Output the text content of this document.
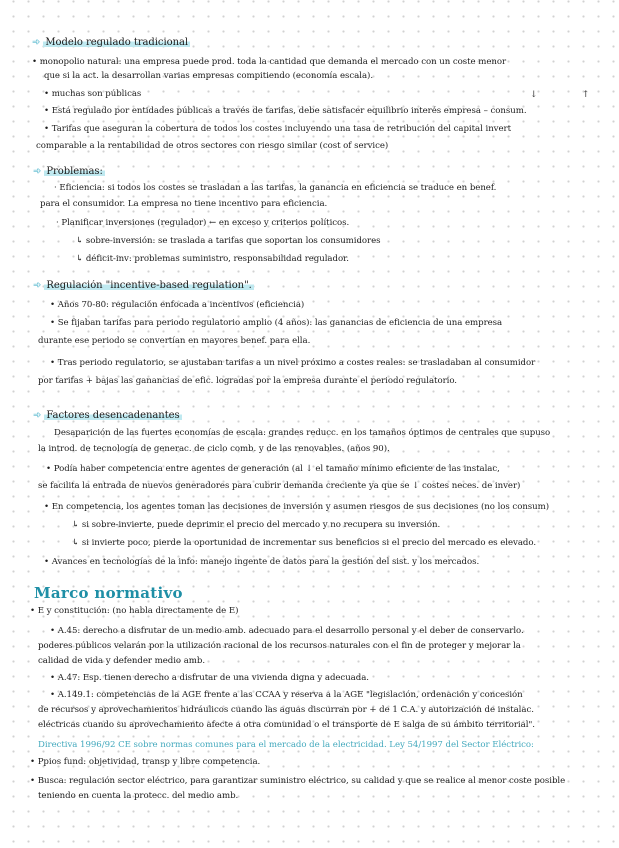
➾ Modelo regulado tradicional
• monopolio natural: una empresa puede prod. toda la cantidad que demanda el mercado con un coste menor
que si la act. la desarrollan varias empresas compitiendo (economía escala).
• muchas son públicas
• Está regulado por entidades públicas a través de tarifas, debe satisfacer equilibrio interés empresa – consum.
• Tarifas que aseguran la cobertura de todos los costes incluyendo una tasa de retribución del capital invert
comparable a la rentabilidad de otros sectores con riesgo similar (cost of service)
➾ Problemas:
· Eficiencia: si todos los costes se trasladan a las tarifas, la ganancia en eficiencia se traduce en benef.
para el consumidor. La empresa no tiene incentivo para eficiencia.
· Planificar inversiones (regulador) ← en exceso y criterios políticos.
↳ sobre-inversión: se traslada a tarifas que soportan los consumidores
↳ déficit-inv: problemas suministro, responsabilidad regulador.
➾ Regulación "incentive-based regulation".
• Años 70-80: regulación enfocada a incentivos (eficiencia)
• Se fijaban tarifas para periodo regulatorio amplio (4 años): las ganancias de eficiencia de una empresa
durante ese periodo se convertían en mayores benef. para ella.
• Tras periodo regulatorio, se ajustaban tarifas a un nivel próximo a costes reales: se trasladaban al consumidor
por tarifas + bajas las ganancias de efic. logradas por la empresa durante el periodo regulatorio.
➾ Factores desencadenantes
Desaparición de las fuertes economías de escala: grandes reducc. en los tamaños óptimos de centrales que supuso
la introd. de tecnología de generac. de ciclo comb. y de las renovables. (años 90).
• Podía haber competencia entre agentes de generación (al ↓ el tamaño mínimo eficiente de las instalac,
se facilita la entrada de nuevos generadores para cubrir demanda creciente ya que se ↓ costes neces. de inver)
• En competencia, los agentes toman las decisiones de inversión y asumen riesgos de sus decisiones (no los consum)
↳ si sobre-invierte, puede deprimir el precio del mercado y no recupera su inversión.
↳ si invierte poco, pierde la oportunidad de incrementar sus beneficios si el precio del mercado es elevado.
• Avances en tecnologías de la info: manejo ingente de datos para la gestión del sist. y los mercados.
• E y constitución: (no habla directamente de E)
• A.45: derecho a disfrutar de un medio amb. adecuado para el desarrollo personal y el deber de conservarlo.
poderes públicos velarán por la utilización racional de los recursos naturales con el fin de proteger y mejorar la
calidad de vida y defender medio amb.
• A.47: Esp. tienen derecho a disfrutar de una vivienda digna y adecuada.
• A.149.1: competencias de la AGE frente a las CCAA y reserva a la AGE "legislación, ordenación y concesión
de recursos y aprovechamientos hidráulicos cuando las aguas discurran por + de 1 C.A. y autorización de instalac.
eléctricas cuando su aprovechamiento afecte a otra comunidad o el transporte de E salga de su ámbito territorial".
Directiva 1996/92 CE sobre normas comunes para el mercado de la electricidad. Ley 54/1997 del Sector Eléctrico:
• Ppios fund: objetividad, transp y libre competencia.
• Busca: regulación sector eléctrico, para garantizar suministro eléctrico, su calidad y que se realice al menor coste posible
teniendo en cuenta la protecc. del medio amb.
Marco normativo
↓	↑
